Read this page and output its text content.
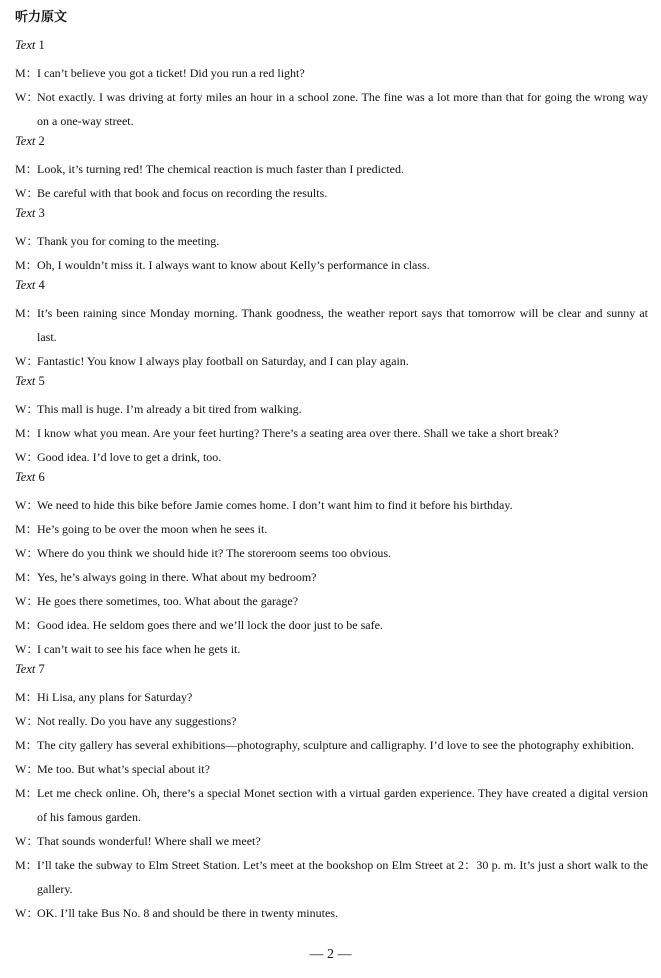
听力原文
Text 1
M： I can’t believe you got a ticket! Did you run a red light?
W：
Not exactly. I was driving at forty miles an hour in a school zone. The fine was a lot more than that for going the wrong way on a one-way street.
Text 2
M： Look, it’s turning red! The chemical reaction is much faster than I predicted.
W：
Be careful with that book and focus on recording the results.
Text 3
W：
Thank you for coming to the meeting.
M： Oh, I wouldn’t miss it. I always want to know about Kelly’s performance in class.
Text 4
M： It’s been raining since Monday morning. Thank goodness, the weather report says that tomorrow will be clear and sunny at last.
W：
Fantastic! You know I always play football on Saturday, and I can play again.
Text 5
W：
This mall is huge. I’m already a bit tired from walking.
M： I know what you mean. Are your feet hurting? There’s a seating area over there. Shall we take a short break?
W：
Good idea. I’d love to get a drink, too.
Text 6
W：
We need to hide this bike before Jamie comes home. I don’t want him to find it before his birthday.
M： He’s going to be over the moon when he sees it.
W：
Where do you think we should hide it? The storeroom seems too obvious.
M： Yes, he’s always going in there. What about my bedroom?
W：
He goes there sometimes, too. What about the garage?
M： Good idea. He seldom goes there and we’ll lock the door just to be safe.
W：
I can’t wait to see his face when he gets it.
Text 7
M： Hi Lisa, any plans for Saturday?
W：
Not really. Do you have any suggestions?
M： The city gallery has several exhibitions—photography, sculpture and calligraphy. I’d love to see the photography exhibition.
W：
Me too. But what’s special about it?
M： Let me check online. Oh, there’s a special Monet section with a virtual garden experience. They have created a digital version of his famous garden.
W：
That sounds wonderful! Where shall we meet?
M： I’ll take the subway to Elm Street Station. Let’s meet at the bookshop on Elm Street at 2：30 p. m. It’s just a short walk to the gallery.
W：
OK. I’ll take Bus No. 8 and should be there in twenty minutes.
— 2 —
